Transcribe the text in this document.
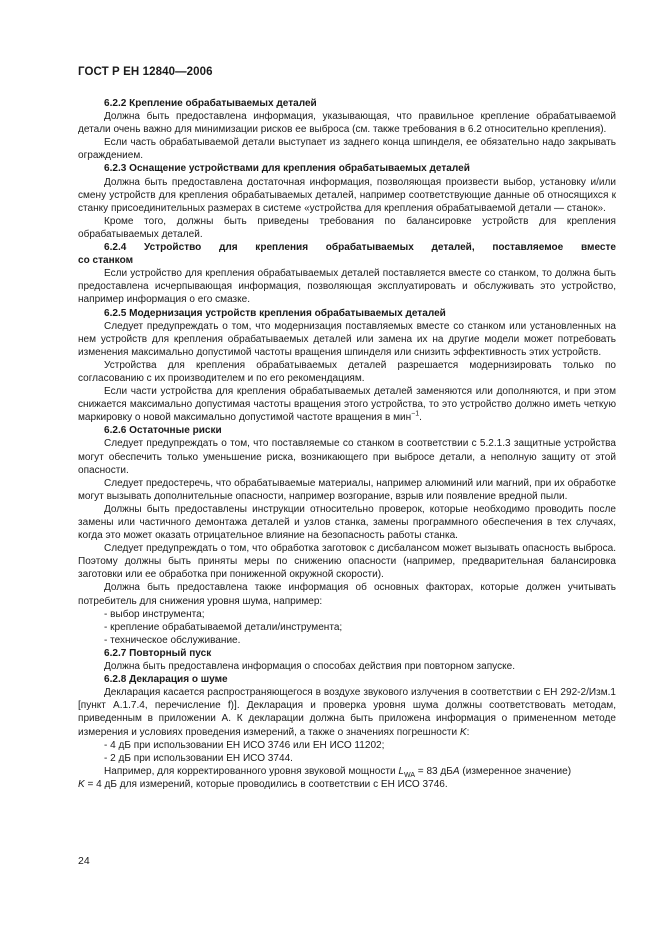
ГОСТ Р ЕН 12840—2006
6.2.2 Крепление обрабатываемых деталей

Должна быть предоставлена информация, указывающая, что правильное крепление обрабатываемой детали очень важно для минимизации рисков ее выброса (см. также требования в 6.2 относительно крепления).

Если часть обрабатываемой детали выступает из заднего конца шпинделя, ее обязательно надо закрывать ограждением.

6.2.3 Оснащение устройствами для крепления обрабатываемых деталей

Должна быть предоставлена достаточная информация, позволяющая произвести выбор, установку и/или смену устройств для крепления обрабатываемых деталей, например соответствующие данные об относящихся к станку присоединительных размерах в системе «устройства для крепления обрабатываемой детали — станок».

Кроме того, должны быть приведены требования по балансировке устройств для крепления обрабатываемых деталей.

6.2.4 Устройство для крепления обрабатываемых деталей, поставляемое вместе
со станком

Если устройство для крепления обрабатываемых деталей поставляется вместе со станком, то должна быть предоставлена исчерпывающая информация, позволяющая эксплуатировать и обслуживать это устройство, например информация о его смазке.

6.2.5 Модернизация устройств крепления обрабатываемых деталей

Следует предупреждать о том, что модернизация поставляемых вместе со станком или установленных на нем устройств для крепления обрабатываемых деталей или замена их на другие модели может потребовать изменения максимально допустимой частоты вращения шпинделя или снизить эффективность этих устройств.

Устройства для крепления обрабатываемых деталей разрешается модернизировать только по согласованию с их производителем и по его рекомендациям.

Если части устройства для крепления обрабатываемых деталей заменяются или дополняются, и при этом снижается максимально допустимая частоты вращения этого устройства, то это устройство должно иметь четкую маркировку о новой максимально допустимой частоте вращения в мин$^{-1}$.

6.2.6 Остаточные риски

Следует предупреждать о том, что поставляемые со станком в соответствии с 5.2.1.3 защитные устройства могут обеспечить только уменьшение риска, возникающего при выбросе детали, а неполную защиту от этой опасности.

Следует предостеречь, что обрабатываемые материалы, например алюминий или магний, при их обработке могут вызывать дополнительные опасности, например возгорание, взрыв или появление вредной пыли.

Должны быть предоставлены инструкции относительно проверок, которые необходимо проводить после замены или частичного демонтажа деталей и узлов станка, замены программного обеспечения в тех случаях, когда это может оказать отрицательное влияние на безопасность работы станка.

Следует предупреждать о том, что обработка заготовок с дисбалансом может вызывать опасность выброса. Поэтому должны быть приняты меры по снижению опасности (например, предварительная балансировка заготовки или ее обработка при пониженной окружной скорости).

Должна быть предоставлена также информация об основных факторах, которые должен учитывать потребитель для снижения уровня шума, например:

- выбор инструмента;
- крепление обрабатываемой детали/инструмента;
- техническое обслуживание.
6.2.7 Повторный пуск

Должна быть предоставлена информация о способах действия при повторном запуске.

6.2.8 Декларация о шуме

Декларация касается распространяющегося в воздухе звукового излучения в соответствии с ЕН 292-2/Изм.1 [пункт А.1.7.4, перечисление f)]. Декларация и проверка уровня шума должны соответствовать методам, приведенным в приложении А. К декларации должна быть приложена информация о примененном методе измерения и условиях проведения измерений, а также о значениях погрешности K:

- 4 дБ при использовании ЕН ИСО 3746 или ЕН ИСО 11202;
- 2 дБ при использовании ЕН ИСО 3744.

Например, для корректированного уровня звуковой мощности $L_{WA} = 83$ дБA (измеренное значение)

K = 4 дБ для измерений, которые проводились в соответствии с ЕН ИСО 3746.
24
